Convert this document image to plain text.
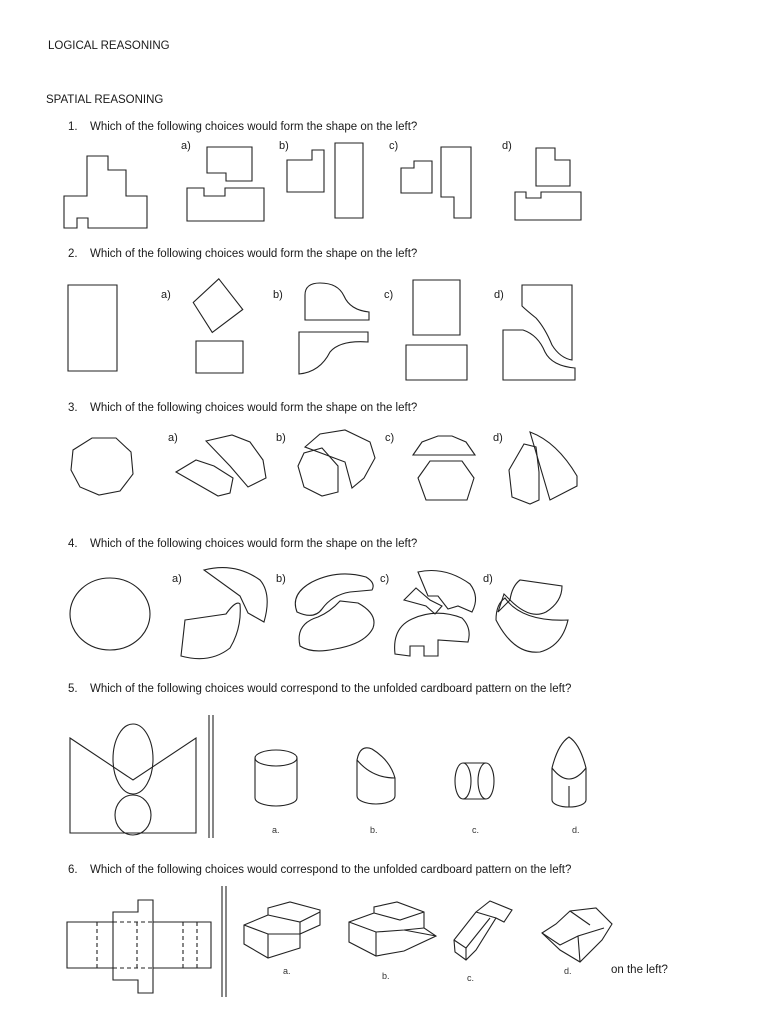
LOGICAL REASONING
SPATIAL REASONING
1. Which of the following choices would form the shape on the left?
2. Which of the following choices would form the shape on the left?
3. Which of the following choices would form the shape on the left?
4. Which of the following choices would form the shape on the left?
5. Which of the following choices would correspond to the unfolded cardboard pattern on the left?
6. Which of the following choices would correspond to the unfolded cardboard pattern on the left?
a)	b)	c)	d)
a)	b)	c)	d)
a)	b)	c)	d)
a)	b)	c)	d)
a.	b.	c.	d.
a.	b.	c.
d.	on the left?
